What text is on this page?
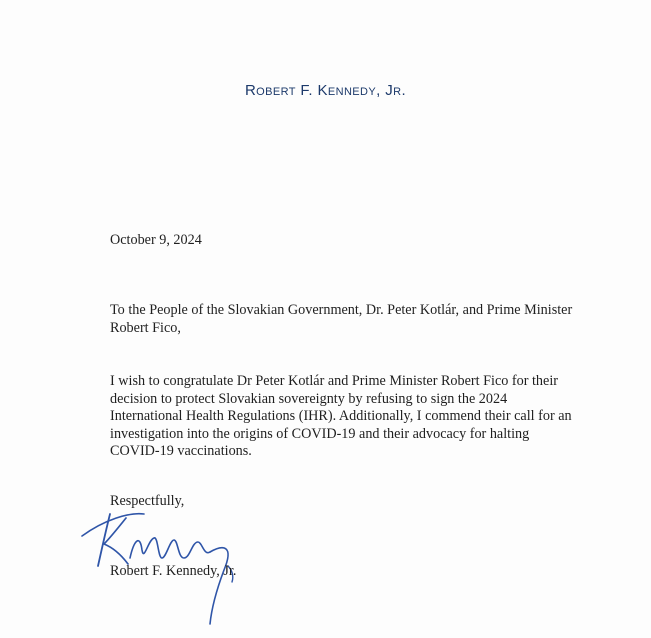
Robert F. Kennedy, Jr.
October 9, 2024
To the People of the Slovakian Government, Dr. Peter Kotlár, and Prime Minister Robert Fico,
I wish to congratulate Dr Peter Kotlár and Prime Minister Robert Fico for their decision to protect Slovakian sovereignty by refusing to sign the 2024 International Health Regulations (IHR). Additionally, I commend their call for an investigation into the origins of COVID-19 and their advocacy for halting COVID-19 vaccinations.
Respectfully,
Robert F. Kennedy, Jr.
